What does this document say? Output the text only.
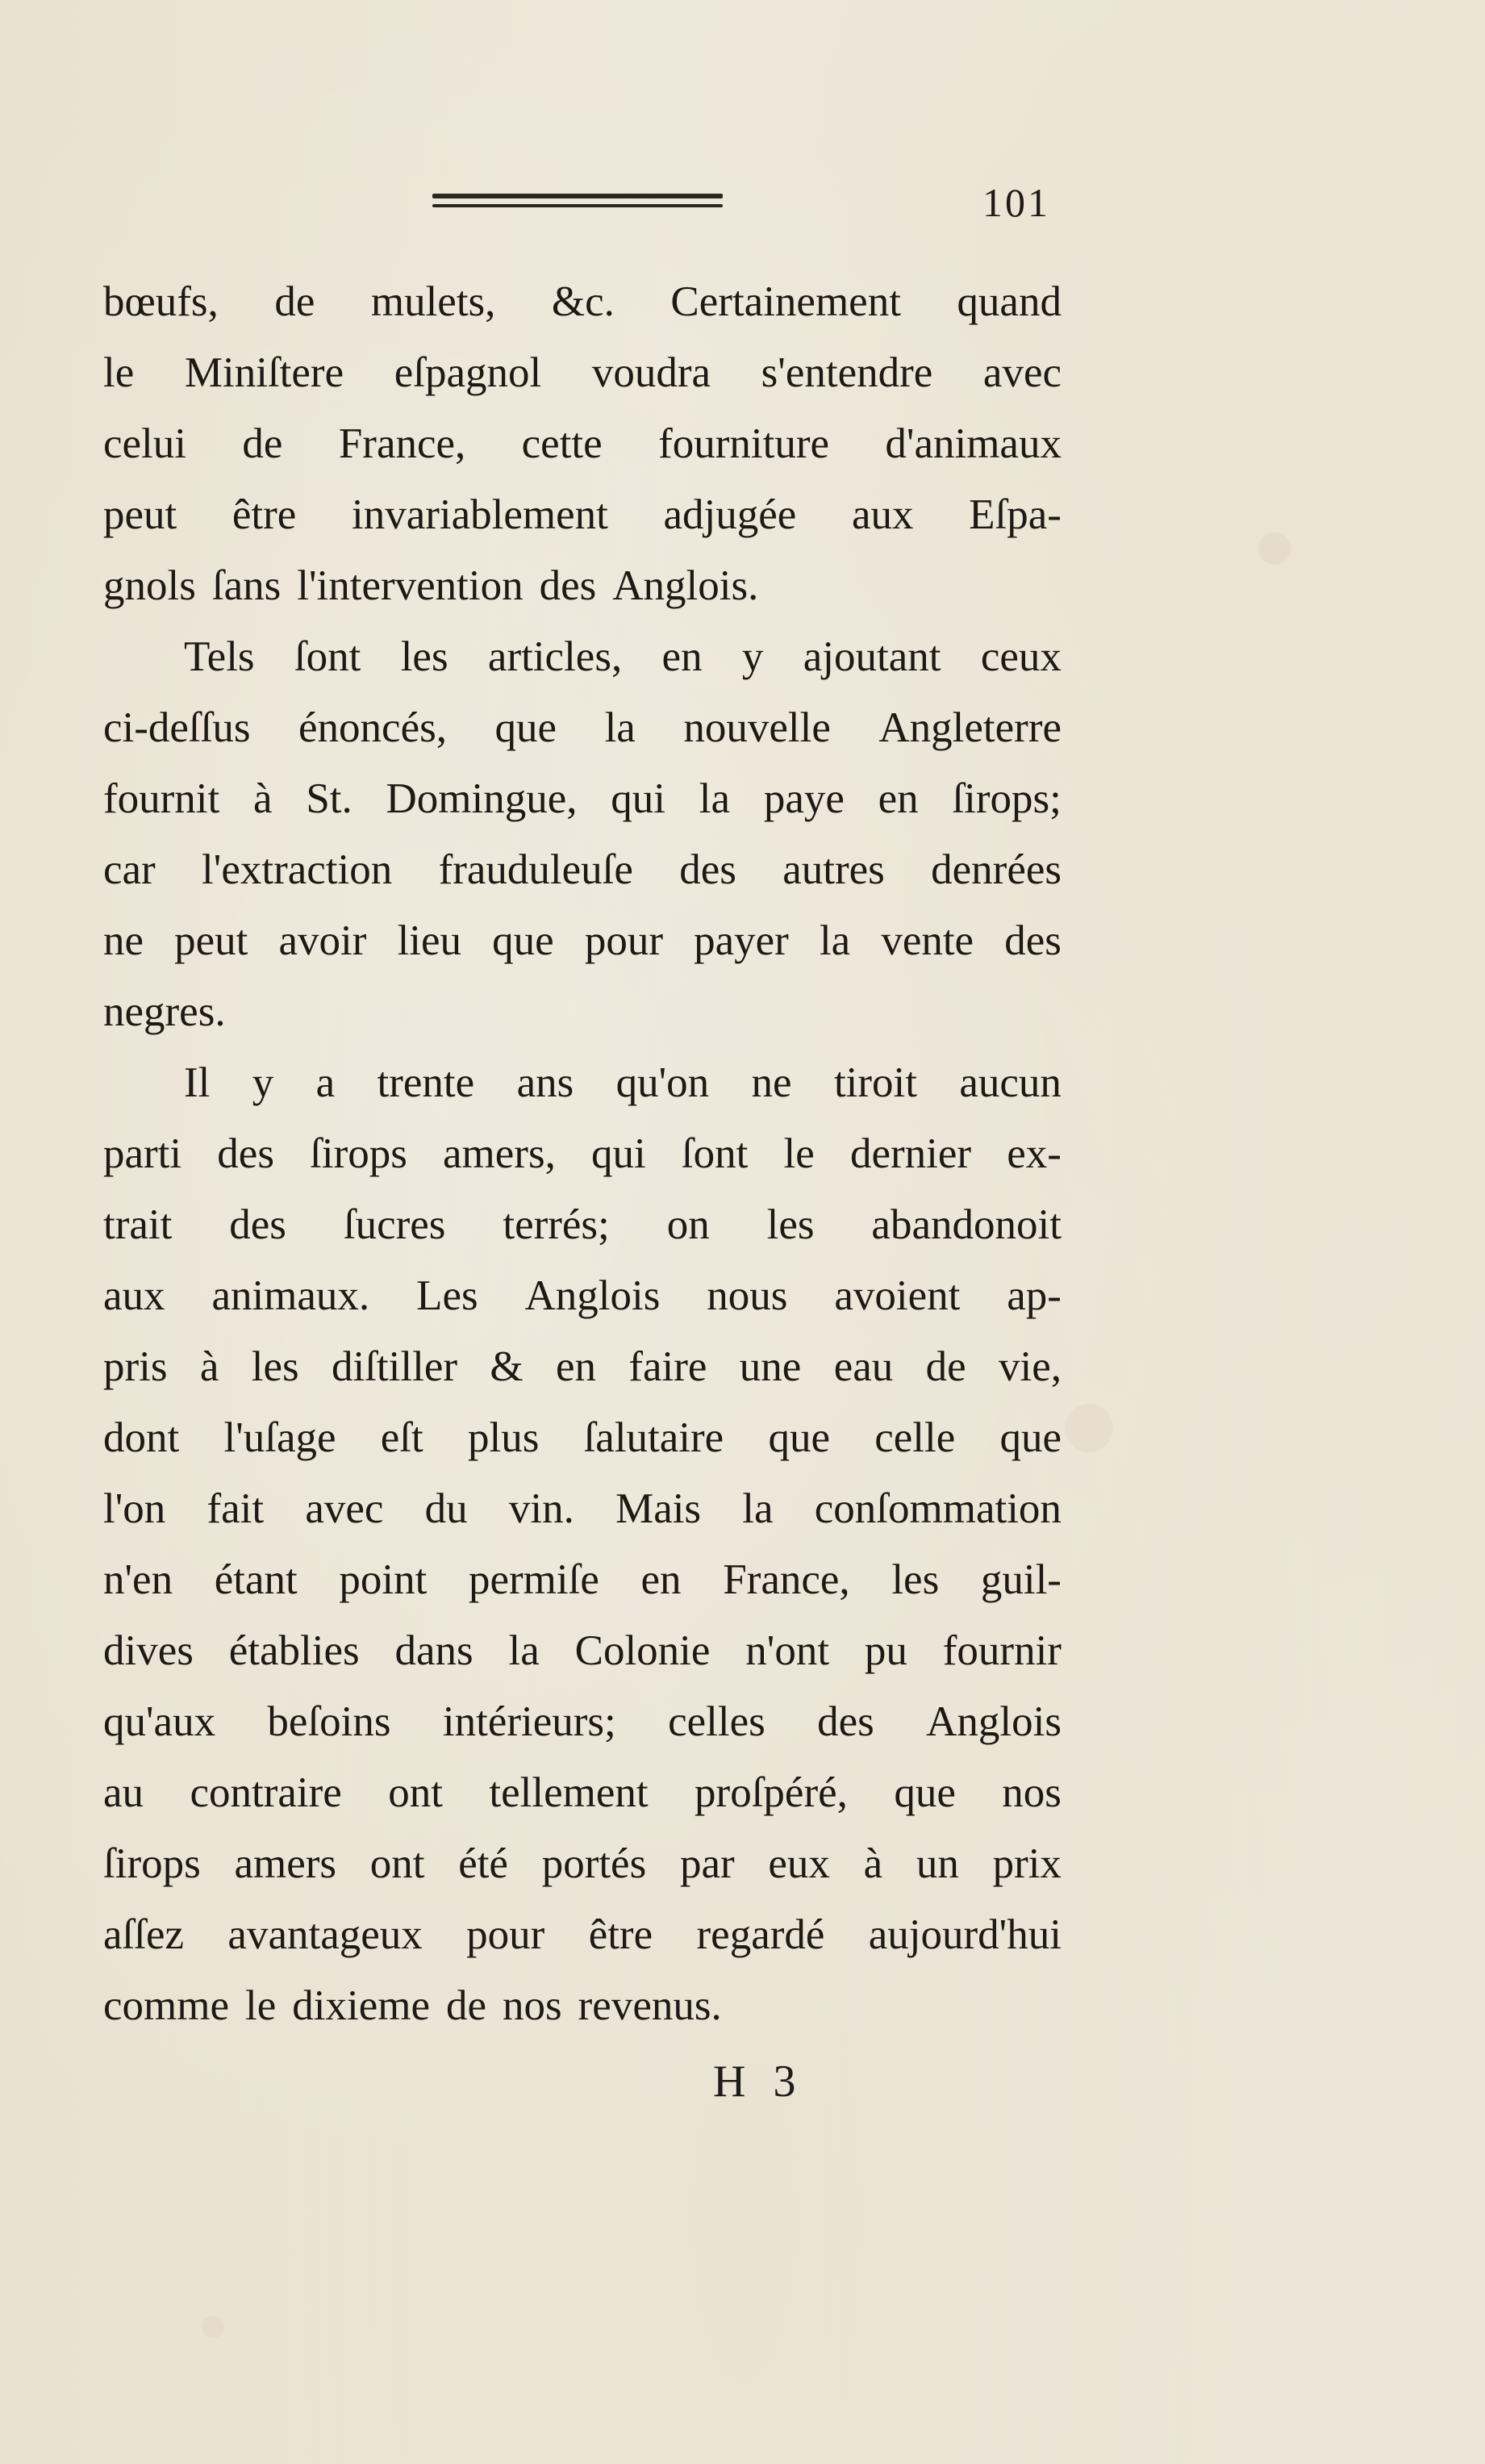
101
bœufs, de mulets, &c. Certainement quand
le Miniſtere eſpagnol voudra s'entendre avec
celui de France, cette fourniture d'animaux
peut être invariablement adjugée aux Eſpa-
gnols ſans l'intervention des Anglois.
Tels ſont les articles, en y ajoutant ceux
ci-deſſus énoncés, que la nouvelle Angleterre
fournit à St. Domingue, qui la paye en ſirops;
car l'extraction frauduleuſe des autres denrées
ne peut avoir lieu que pour payer la vente des
negres.
Il y a trente ans qu'on ne tiroit aucun
parti des ſirops amers, qui ſont le dernier ex-
trait des ſucres terrés; on les abandonoit
aux animaux. Les Anglois nous avoient ap-
pris à les diſtiller & en faire une eau de vie,
dont l'uſage eſt plus ſalutaire que celle que
l'on fait avec du vin. Mais la conſommation
n'en étant point permiſe en France, les guil-
dives établies dans la Colonie n'ont pu fournir
qu'aux beſoins intérieurs; celles des Anglois
au contraire ont tellement proſpéré, que nos
ſirops amers ont été portés par eux à un prix
aſſez avantageux pour être regardé aujourd'hui
comme le dixieme de nos revenus.
H 3
